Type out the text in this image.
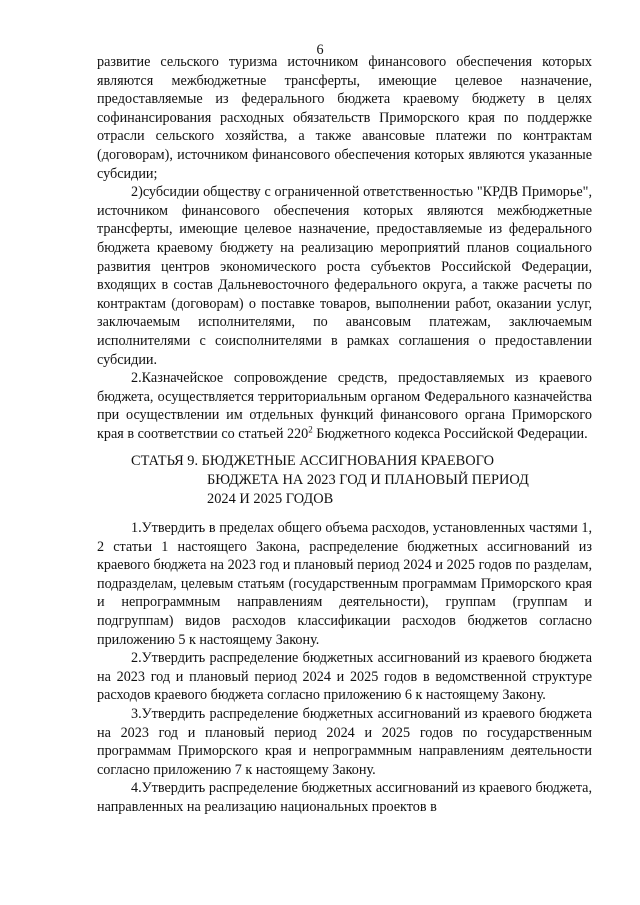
6

развитие сельского туризма источником финансового обеспечения которых являются межбюджетные трансферты, имеющие целевое назначение, предоставляемые из федерального бюджета краевому бюджету в целях софинансирования расходных обязательств Приморского края по поддержке отрасли сельского хозяйства, а также авансовые платежи по контрактам (договорам), источником финансового обеспечения которых являются указанные субсидии;

2)субсидии обществу с ограниченной ответственностью "КРДВ Приморье", источником финансового обеспечения которых являются межбюджетные трансферты, имеющие целевое назначение, предоставляемые из федерального бюджета краевому бюджету на реализацию мероприятий планов социального развития центров экономического роста субъектов Российской Федерации, входящих в состав Дальневосточного федерального округа, а также расчеты по контрактам (договорам) о поставке товаров, выполнении работ, оказании услуг, заключаемым исполнителями, по авансовым платежам, заключаемым исполнителями с соисполнителями в рамках соглашения о предоставлении субсидии.

2.Казначейское сопровождение средств, предоставляемых из краевого бюджета, осуществляется территориальным органом Федерального казначейства при осуществлении им отдельных функций финансового органа Приморского края в соответствии со статьей $220^2$ Бюджетного кодекса Российской Федерации.

СТАТЬЯ 9. БЮДЖЕТНЫЕ АССИГНОВАНИЯ КРАЕВОГО
БЮДЖЕТА НА 2023 ГОД И ПЛАНОВЫЙ ПЕРИОД
2024 И 2025 ГОДОВ

1.Утвердить в пределах общего объема расходов, установленных частями 1, 2 статьи 1 настоящего Закона, распределение бюджетных ассигнований из краевого бюджета на 2023 год и плановый период 2024 и 2025 годов по разделам, подразделам, целевым статьям (государственным программам Приморского края и непрограммным направлениям деятельности), группам (группам и подгруппам) видов расходов классификации расходов бюджетов согласно приложению 5 к настоящему Закону.

2.Утвердить распределение бюджетных ассигнований из краевого бюджета на 2023 год и плановый период 2024 и 2025 годов в ведомственной структуре расходов краевого бюджета согласно приложению 6 к настоящему Закону.

3.Утвердить распределение бюджетных ассигнований из краевого бюджета на 2023 год и плановый период 2024 и 2025 годов по государственным программам Приморского края и непрограммным направлениям деятельности согласно приложению 7 к настоящему Закону.

4.Утвердить распределение бюджетных ассигнований из краевого бюджета, направленных на реализацию национальных проектов в
